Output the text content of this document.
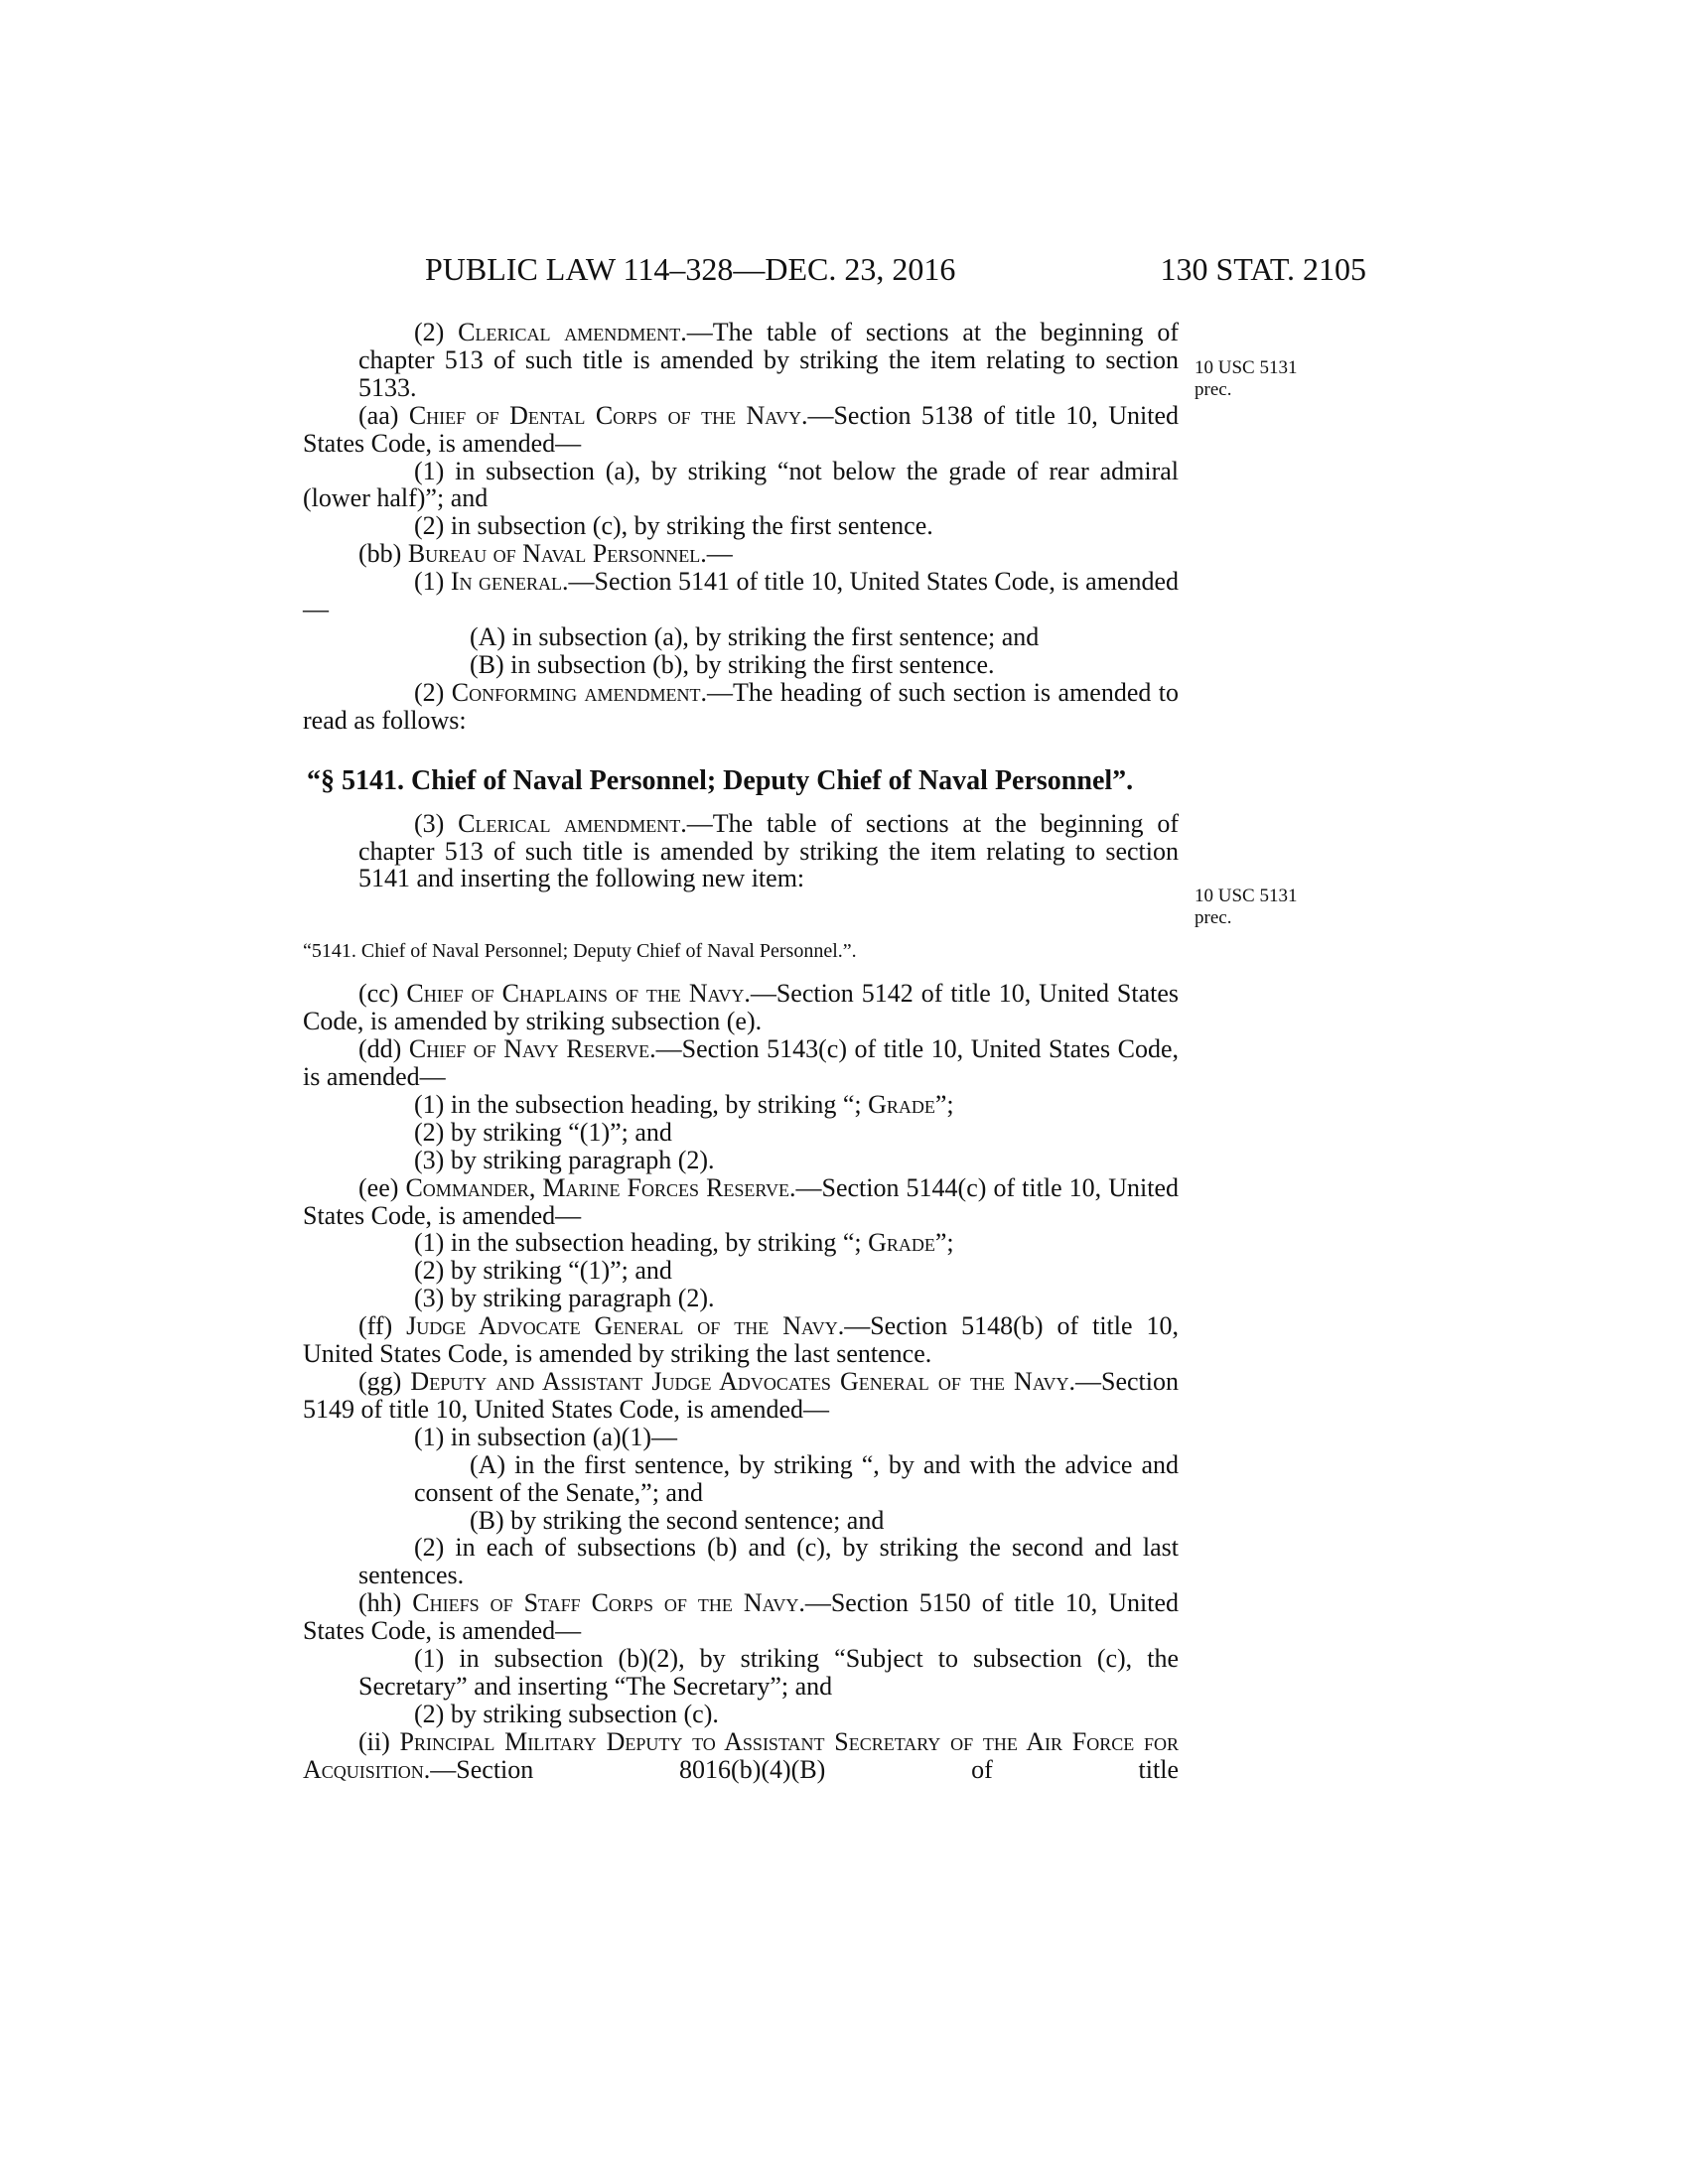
PUBLIC LAW 114–328—DEC. 23, 2016	130 STAT. 2105
10 USC 5131
prec.
10 USC 5131
prec.

(2) Clerical amendment.—The table of sections at the beginning of chapter 513 of such title is amended by striking the item relating to section 5133.

(aa) Chief of Dental Corps of the Navy.—Section 5138 of title 10, United States Code, is amended—

(1) in subsection (a), by striking “not below the grade of rear admiral (lower half)”; and

(2) in subsection (c), by striking the first sentence.

(bb) Bureau of Naval Personnel.—

(1) In general.—Section 5141 of title 10, United States Code, is amended—

(A) in subsection (a), by striking the first sentence; and

(B) in subsection (b), by striking the first sentence.

(2) Conforming amendment.—The heading of such section is amended to read as follows:

“§ 5141. Chief of Naval Personnel; Deputy Chief of Naval Personnel”.

(3) Clerical amendment.—The table of sections at the beginning of chapter 513 of such title is amended by striking the item relating to section 5141 and inserting the following new item:

“5141. Chief of Naval Personnel; Deputy Chief of Naval Personnel.”.

(cc) Chief of Chaplains of the Navy.—Section 5142 of title 10, United States Code, is amended by striking subsection (e).

(dd) Chief of Navy Reserve.—Section 5143(c) of title 10, United States Code, is amended—

(1) in the subsection heading, by striking “; Grade”;

(2) by striking “(1)”; and

(3) by striking paragraph (2).

(ee) Commander, Marine Forces Reserve.—Section 5144(c) of title 10, United States Code, is amended—

(1) in the subsection heading, by striking “; Grade”;

(2) by striking “(1)”; and

(3) by striking paragraph (2).

(ff) Judge Advocate General of the Navy.—Section 5148(b) of title 10, United States Code, is amended by striking the last sentence.

(gg) Deputy and Assistant Judge Advocates General of the Navy.—Section 5149 of title 10, United States Code, is amended—

(1) in subsection (a)(1)—

(A) in the first sentence, by striking “, by and with the advice and consent of the Senate,”; and

(B) by striking the second sentence; and

(2) in each of subsections (b) and (c), by striking the second and last sentences.

(hh) Chiefs of Staff Corps of the Navy.—Section 5150 of title 10, United States Code, is amended—

(1) in subsection (b)(2), by striking “Subject to subsection (c), the Secretary” and inserting “The Secretary”; and

(2) by striking subsection (c).

(ii) Principal Military Deputy to Assistant Secretary of the Air Force for Acquisition.—Section 8016(b)(4)(B) of title
